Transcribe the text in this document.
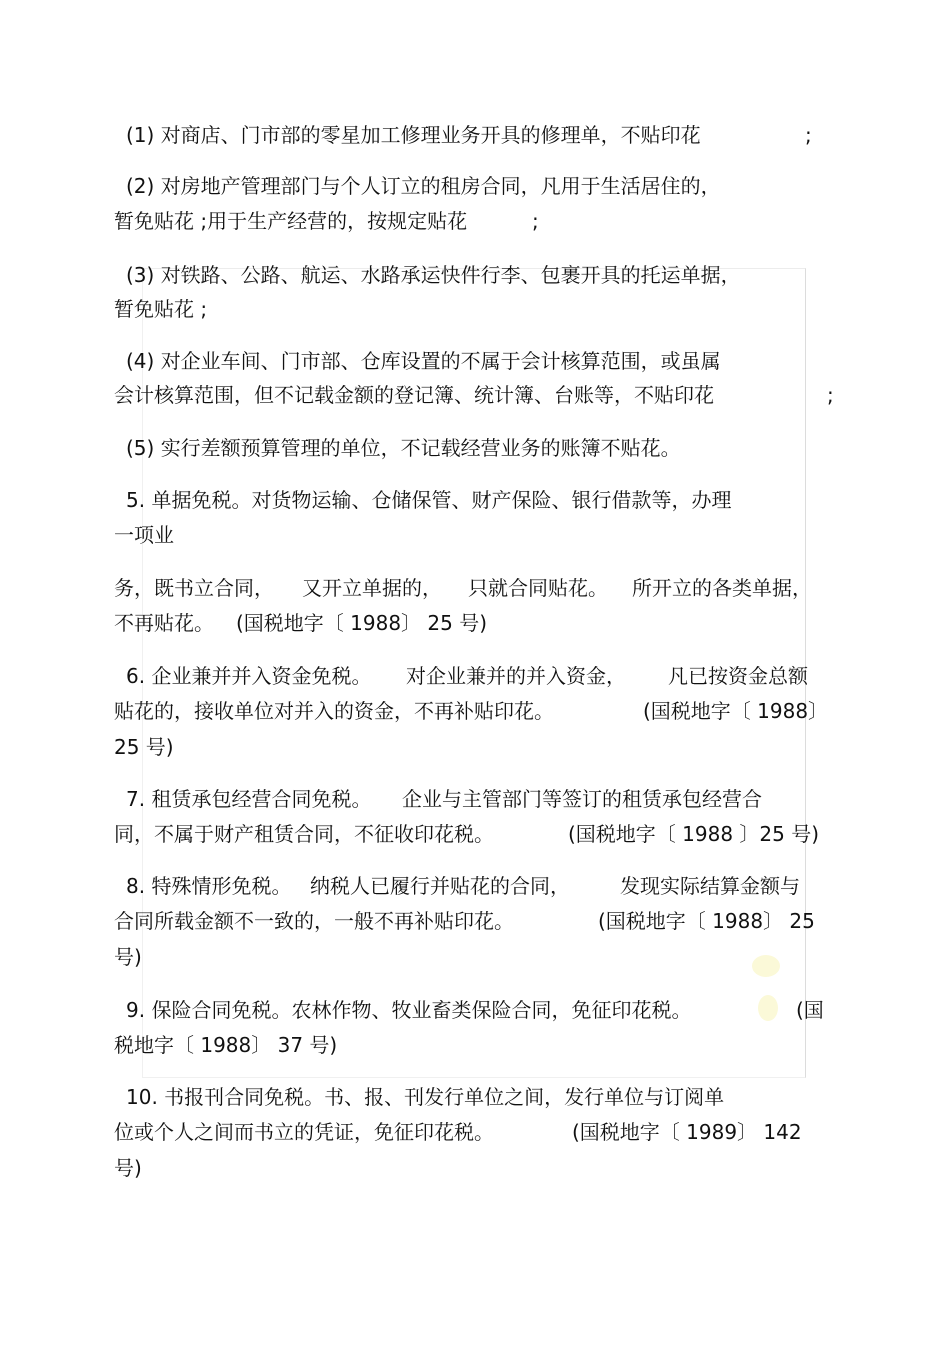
(1) 对商店、门市部的零星加工修理业务开具的修理单，不贴印花	;
(2) 对房地产管理部门与个人订立的租房合同，凡用于生活居住的，
暂免贴花 ;用于生产经营的，按规定贴花	;
(3) 对铁路、公路、航运、水路承运快件行李、包裹开具的托运单据，
暂免贴花 ;
(4) 对企业车间、门市部、仓库设置的不属于会计核算范围，或虽属
会计核算范围，但不记载金额的登记簿、统计簿、台账等，不贴印花	;
(5) 实行差额预算管理的单位，不记载经营业务的账簿不贴花。
5. 单据免税。对货物运输、仓储保管、财产保险、银行借款等，办理
一项业
务，既书立合同， 又开立单据的， 只就合同贴花。 所开立的各类单据，
不再贴花。 (国税地字〔 1988〕 25 号)
6. 企业兼并并入资金免税。 对企业兼并的并入资金， 凡已按资金总额
贴花的，接收单位对并入的资金，不再补贴印花。	(国税地字〔 1988〕
25 号)
7. 租赁承包经营合同免税。 企业与主管部门等签订的租赁承包经营合
同，不属于财产租赁合同，不征收印花税。	(国税地字〔 1988 〕25 号)
8. 特殊情形免税。 纳税人已履行并贴花的合同，	发现实际结算金额与
合同所载金额不一致的，一般不再补贴印花。	(国税地字〔 1988〕 25
号)
9. 保险合同免税。农林作物、牧业畜类保险合同，免征印花税。	(国
税地字〔 1988〕 37 号)
10. 书报刊合同免税。书、报、刊发行单位之间，发行单位与订阅单
位或个人之间而书立的凭证，免征印花税。	(国税地字〔 1989〕 142
号)
